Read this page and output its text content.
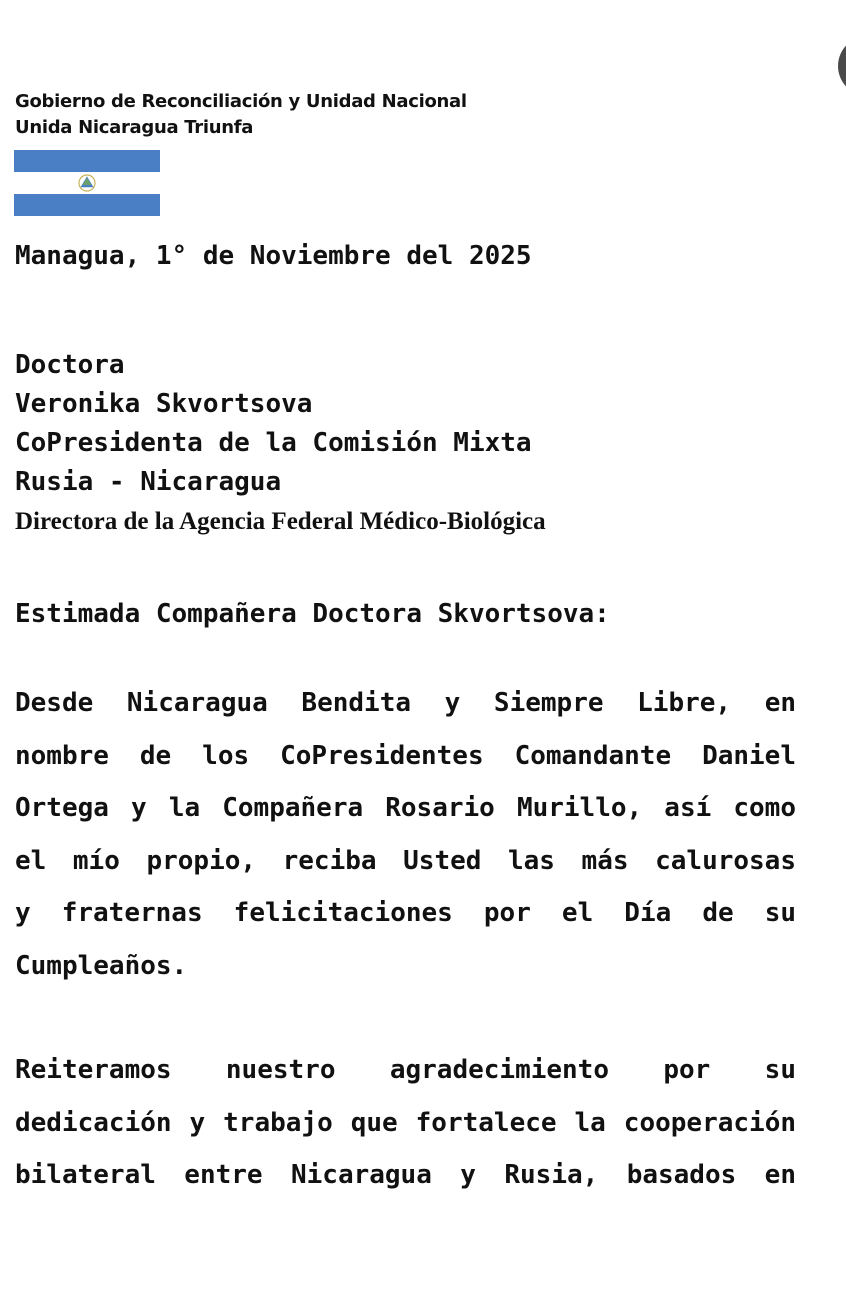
Gobierno de Reconciliación y Unidad Nacional
Unida Nicaragua Triunfa
Managua, 1° de Noviembre del 2025
Doctora
Veronika Skvortsova
CoPresidenta de la Comisión Mixta
Rusia - Nicaragua
Directora de la Agencia Federal Médico-Biológica
Estimada Compañera Doctora Skvortsova:
Desde Nicaragua Bendita y Siempre Libre, en
nombre de los CoPresidentes Comandante Daniel
Ortega y la Compañera Rosario Murillo, así como
el mío propio, reciba Usted las más calurosas
y fraternas felicitaciones por el Día de su
Cumpleaños.
Reiteramos nuestro agradecimiento por su
dedicación y trabajo que fortalece la cooperación
bilateral entre Nicaragua y Rusia, basados en
